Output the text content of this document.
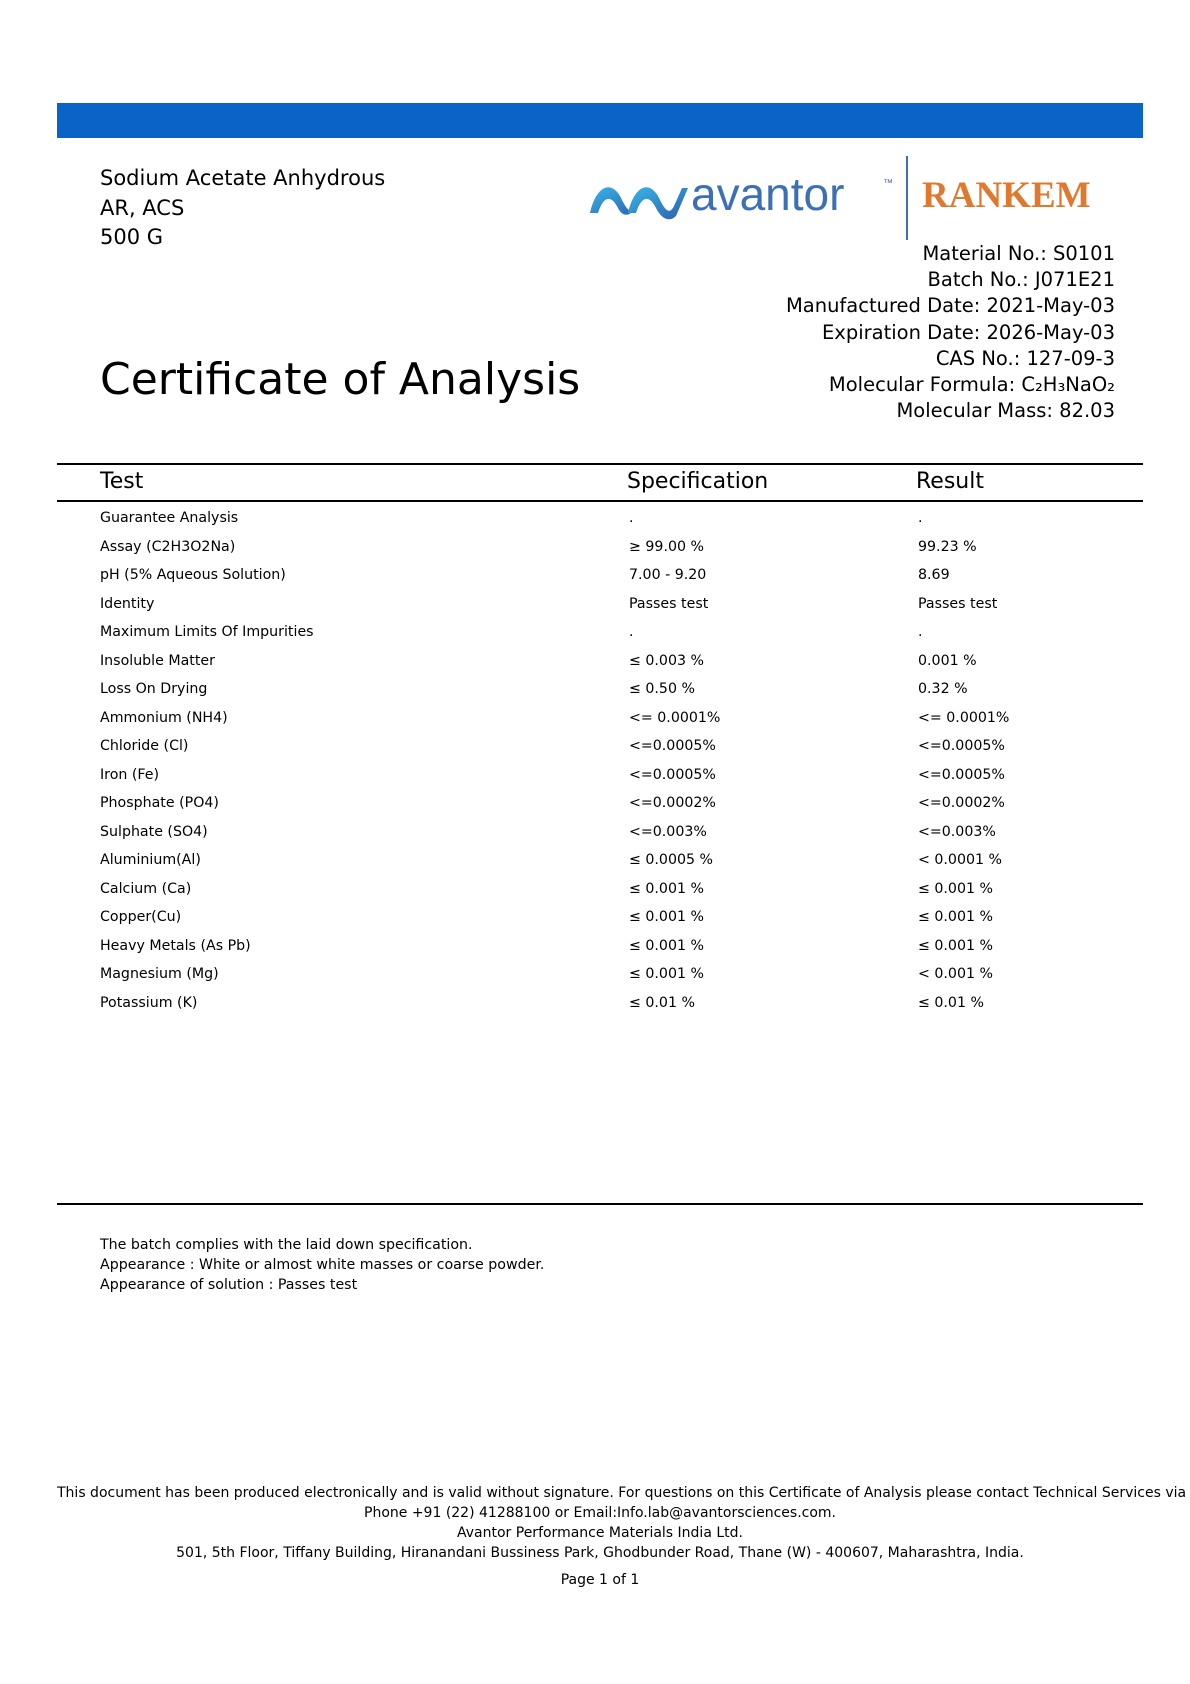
Sodium Acetate Anhydrous
AR, ACS
500 G
avantor	™ RANKEM
Material No.: S0101
Batch No.: J071E21
Manufactured Date: 2021-May-03
Expiration Date: 2026-May-03
CAS No.: 127-09-3
Molecular Formula: C₂H₃NaO₂
Molecular Mass: 82.03
Certificate of Analysis
Test	Specification	Result
Guarantee Analysis	.	.
Assay (C2H3O2Na)	≥ 99.00 %	99.23 %
pH (5% Aqueous Solution)	7.00 - 9.20	8.69
Identity	Passes test	Passes test
Maximum Limits Of Impurities	.	.
Insoluble Matter	≤ 0.003 %	0.001 %
Loss On Drying	≤ 0.50 %	0.32 %
Ammonium (NH4)	<= 0.0001%	<= 0.0001%
Chloride (Cl)	<=0.0005%	<=0.0005%
Iron (Fe)	<=0.0005%	<=0.0005%
Phosphate (PO4)	<=0.0002%	<=0.0002%
Sulphate (SO4)	<=0.003%	<=0.003%
Aluminium(Al)	≤ 0.0005 %	< 0.0001 %
Calcium (Ca)	≤ 0.001 %	≤ 0.001 %
Copper(Cu)	≤ 0.001 %	≤ 0.001 %
Heavy Metals (As Pb)	≤ 0.001 %	≤ 0.001 %
Magnesium (Mg)	≤ 0.001 %	< 0.001 %
Potassium (K)	≤ 0.01 %	≤ 0.01 %
The batch complies with the laid down specification.
Appearance : White or almost white masses or coarse powder.
Appearance of solution : Passes test
This document has been produced electronically and is valid without signature. For questions on this Certificate of Analysis please contact Technical Services via
Phone +91 (22) 41288100 or Email:Info.lab@avantorsciences.com.
Avantor Performance Materials India Ltd.
501, 5th Floor, Tiffany Building, Hiranandani Bussiness Park, Ghodbunder Road, Thane (W) - 400607, Maharashtra, India.
Page 1 of 1
